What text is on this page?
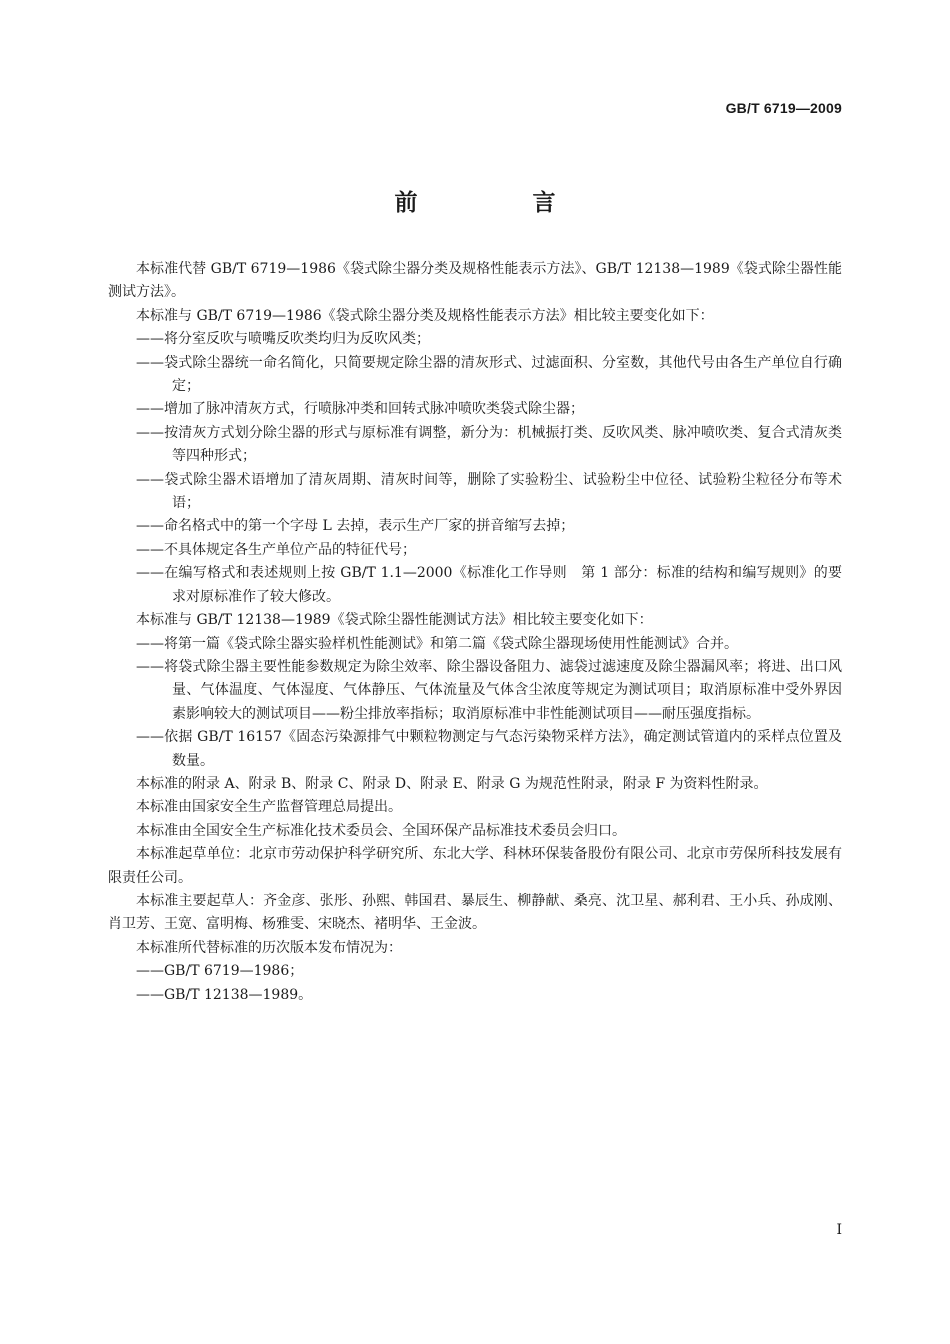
GB/T 6719—2009
前　言

本标准代替 GB/T 6719—1986《袋式除尘器分类及规格性能表示方法》、GB/T 12138—1989《袋式除尘器性能测试方法》。

本标准与 GB/T 6719—1986《袋式除尘器分类及规格性能表示方法》相比较主要变化如下：

——将分室反吹与喷嘴反吹类均归为反吹风类；

——袋式除尘器统一命名简化，只简要规定除尘器的清灰形式、过滤面积、分室数，其他代号由各生产单位自行确定；

——增加了脉冲清灰方式，行喷脉冲类和回转式脉冲喷吹类袋式除尘器；

——按清灰方式划分除尘器的形式与原标准有调整，新分为：机械振打类、反吹风类、脉冲喷吹类、复合式清灰类等四种形式；

——袋式除尘器术语增加了清灰周期、清灰时间等，删除了实验粉尘、试验粉尘中位径、试验粉尘粒径分布等术语；

——命名格式中的第一个字母 L 去掉，表示生产厂家的拼音缩写去掉；

——不具体规定各生产单位产品的特征代号；

——在编写格式和表述规则上按 GB/T 1.1—2000《标准化工作导则　第 1 部分：标准的结构和编写规则》的要求对原标准作了较大修改。

本标准与 GB/T 12138—1989《袋式除尘器性能测试方法》相比较主要变化如下：

——将第一篇《袋式除尘器实验样机性能测试》和第二篇《袋式除尘器现场使用性能测试》合并。

——将袋式除尘器主要性能参数规定为除尘效率、除尘器设备阻力、滤袋过滤速度及除尘器漏风率；将进、出口风量、气体温度、气体湿度、气体静压、气体流量及气体含尘浓度等规定为测试项目；取消原标准中受外界因素影响较大的测试项目——粉尘排放率指标；取消原标准中非性能测试项目——耐压强度指标。

——依据 GB/T 16157《固态污染源排气中颗粒物测定与气态污染物采样方法》，确定测试管道内的采样点位置及数量。

本标准的附录 A、附录 B、附录 C、附录 D、附录 E、附录 G 为规范性附录，附录 F 为资料性附录。

本标准由国家安全生产监督管理总局提出。

本标准由全国安全生产标准化技术委员会、全国环保产品标准技术委员会归口。

本标准起草单位：北京市劳动保护科学研究所、东北大学、科林环保装备股份有限公司、北京市劳保所科技发展有限责任公司。

本标准主要起草人：齐金彦、张彤、孙熙、韩国君、暴辰生、柳静献、桑亮、沈卫星、郝利君、王小兵、孙成刚、肖卫芳、王宽、富明梅、杨雅雯、宋晓杰、褚明华、王金波。

本标准所代替标准的历次版本发布情况为：

——GB/T 6719—1986；

——GB/T 12138—1989。

I
